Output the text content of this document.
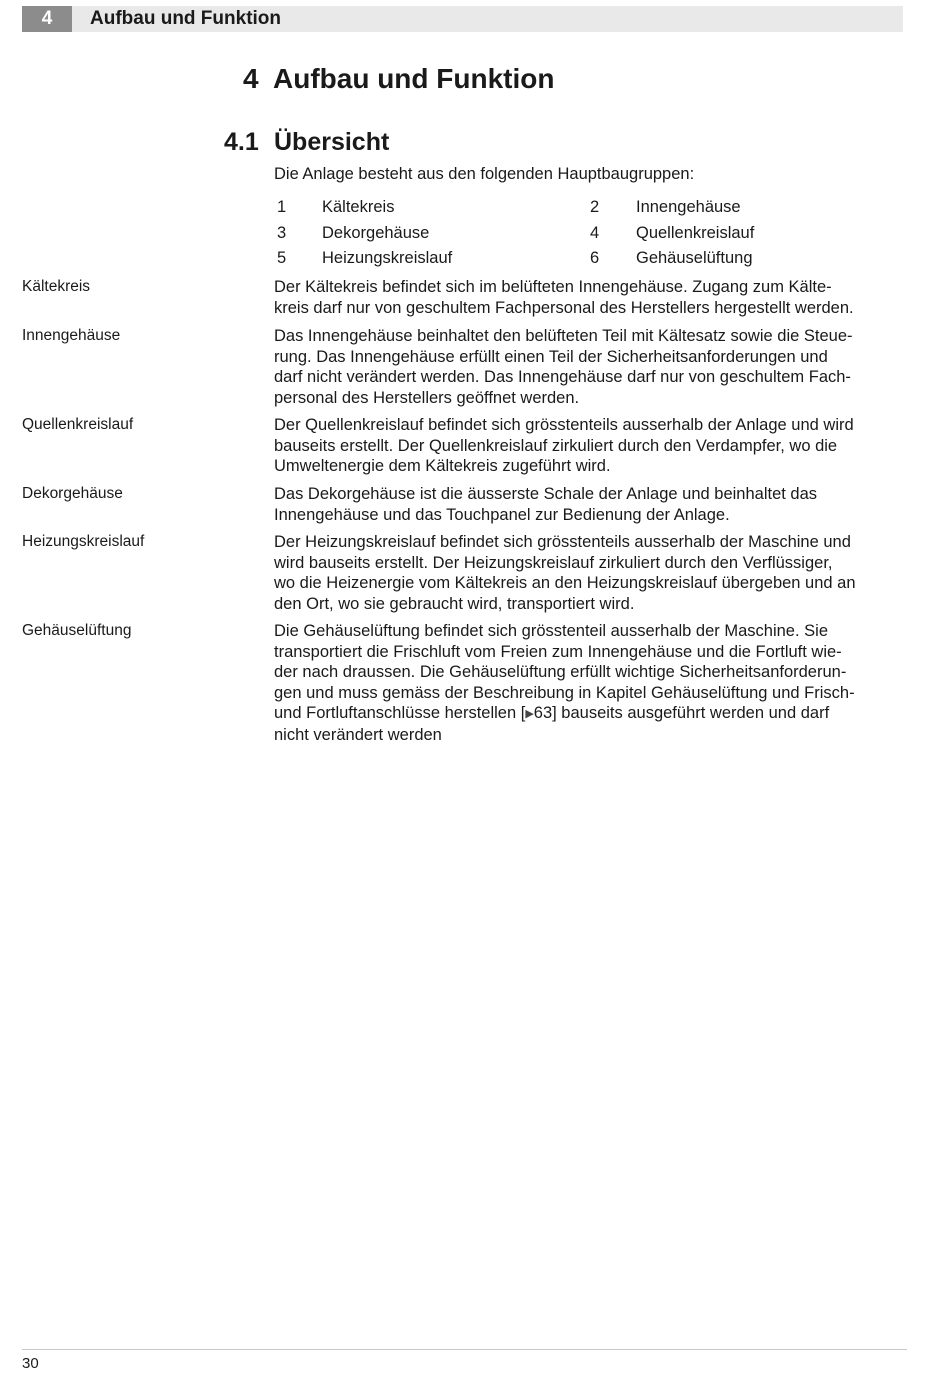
4	Aufbau und Funktion
4 Aufbau und Funktion
4.1 Übersicht
Die Anlage besteht aus den folgenden Hauptbaugruppen:
1 Kältekreis	2 Innengehäuse
3 Dekorgehäuse	4 Quellenkreislauf
5 Heizungskreislauf	6 Gehäuselüftung
Kältekreis	Der Kältekreis befindet sich im belüfteten Innengehäuse. Zugang zum Kälte-
kreis darf nur von geschultem Fachpersonal des Herstellers hergestellt werden.

Innengehäuse	Das Innengehäuse beinhaltet den belüfteten Teil mit Kältesatz sowie die Steue-
rung. Das Innengehäuse erfüllt einen Teil der Sicherheitsanforderungen und
darf nicht verändert werden. Das Innengehäuse darf nur von geschultem Fach-
personal des Herstellers geöffnet werden.

Quellenkreislauf	Der Quellenkreislauf befindet sich grösstenteils ausserhalb der Anlage und wird
bauseits erstellt. Der Quellenkreislauf zirkuliert durch den Verdampfer, wo die
Umweltenergie dem Kältekreis zugeführt wird.

Dekorgehäuse	Das Dekorgehäuse ist die äusserste Schale der Anlage und beinhaltet das
Innengehäuse und das Touchpanel zur Bedienung der Anlage.

Heizungskreislauf	Der Heizungskreislauf befindet sich grösstenteils ausserhalb der Maschine und
wird bauseits erstellt. Der Heizungskreislauf zirkuliert durch den Verflüssiger,
wo die Heizenergie vom Kältekreis an den Heizungskreislauf übergeben und an
den Ort, wo sie gebraucht wird, transportiert wird.

Gehäuselüftung	Die Gehäuselüftung befindet sich grösstenteil ausserhalb der Maschine. Sie
transportiert die Frischluft vom Freien zum Innengehäuse und die Fortluft wie-
der nach draussen. Die Gehäuselüftung erfüllt wichtige Sicherheitsanforderun-
gen und muss gemäss der Beschreibung in Kapitel Gehäuselüftung und Frisch-
und Fortluftanschlüsse herstellen [▶63] bauseits ausgeführt werden und darf
nicht verändert werden

30
